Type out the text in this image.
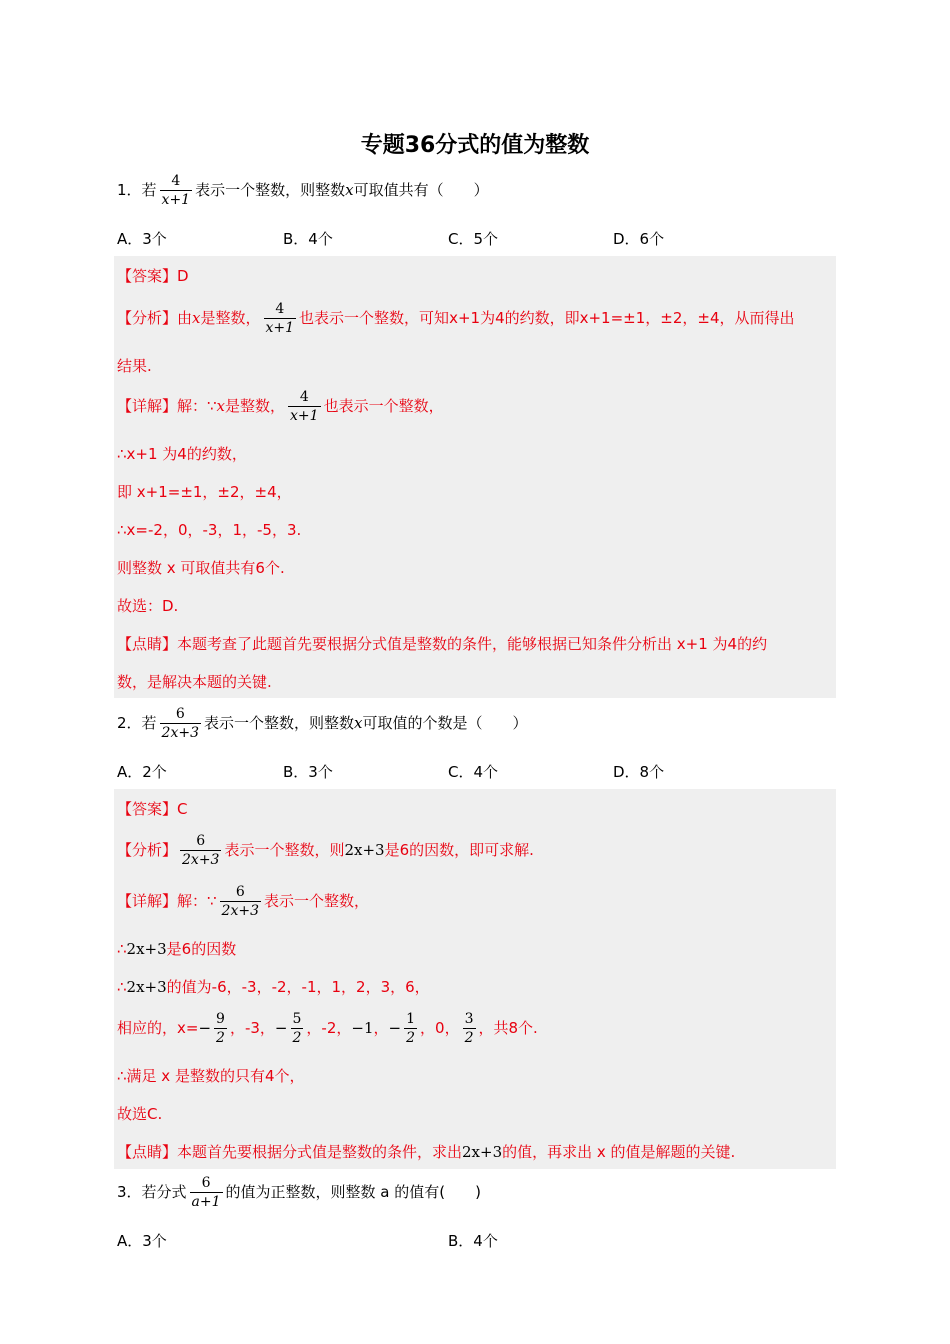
专题36分式的值为整数
1．若 $\frac{4}{x+1}$ 表示一个整数，则整数x可取值共有（　　）
A．3个	B．4个	C．5个	D．6个
【答案】D
【分析】由x是整数， $\frac{4}{x+1}$ 也表示一个整数，可知x+1为4的约数，即x+1=±1，±2，±4，从而得出
结果.
【详解】解：∵x是整数， $\frac{4}{x+1}$ 也表示一个整数，
∴x+1 为4的约数，
即 x+1=±1，±2，±4，
∴x=-2，0，-3，1，-5，3.
则整数 x 可取值共有6个.
故选：D.
【点睛】本题考查了此题首先要根据分式值是整数的条件，能够根据已知条件分析出 x+1 为4的约
数，是解决本题的关键.
2．若 $\frac{6}{2x+3}$ 表示一个整数，则整数x可取值的个数是（　　）
A．2个	B．3个	C．4个	D．8个
【答案】C
【分析】 $\frac{6}{2x+3}$ 表示一个整数，则2x+3是6的因数，即可求解.
【详解】解：∵ $\frac{6}{2x+3}$ 表示一个整数，
∴2x+3是6的因数
∴2x+3的值为-6，-3，-2，-1，1，2，3，6，
相应的，$x=- \frac{9}{2}$ ，-3，− $\frac{5}{2}$ ，-2，−1，− $\frac{1}{2}$ ，0， $\frac{3}{2}$ ，共8个.
∴满足 x 是整数的只有4个，
故选C.
【点睛】本题首先要根据分式值是整数的条件，求出2x+3的值，再求出 x 的值是解题的关键.
3．若分式 $\frac{6}{a+1}$ 的值为正整数，则整数 a 的值有(　　)
A．3个	B．4个
